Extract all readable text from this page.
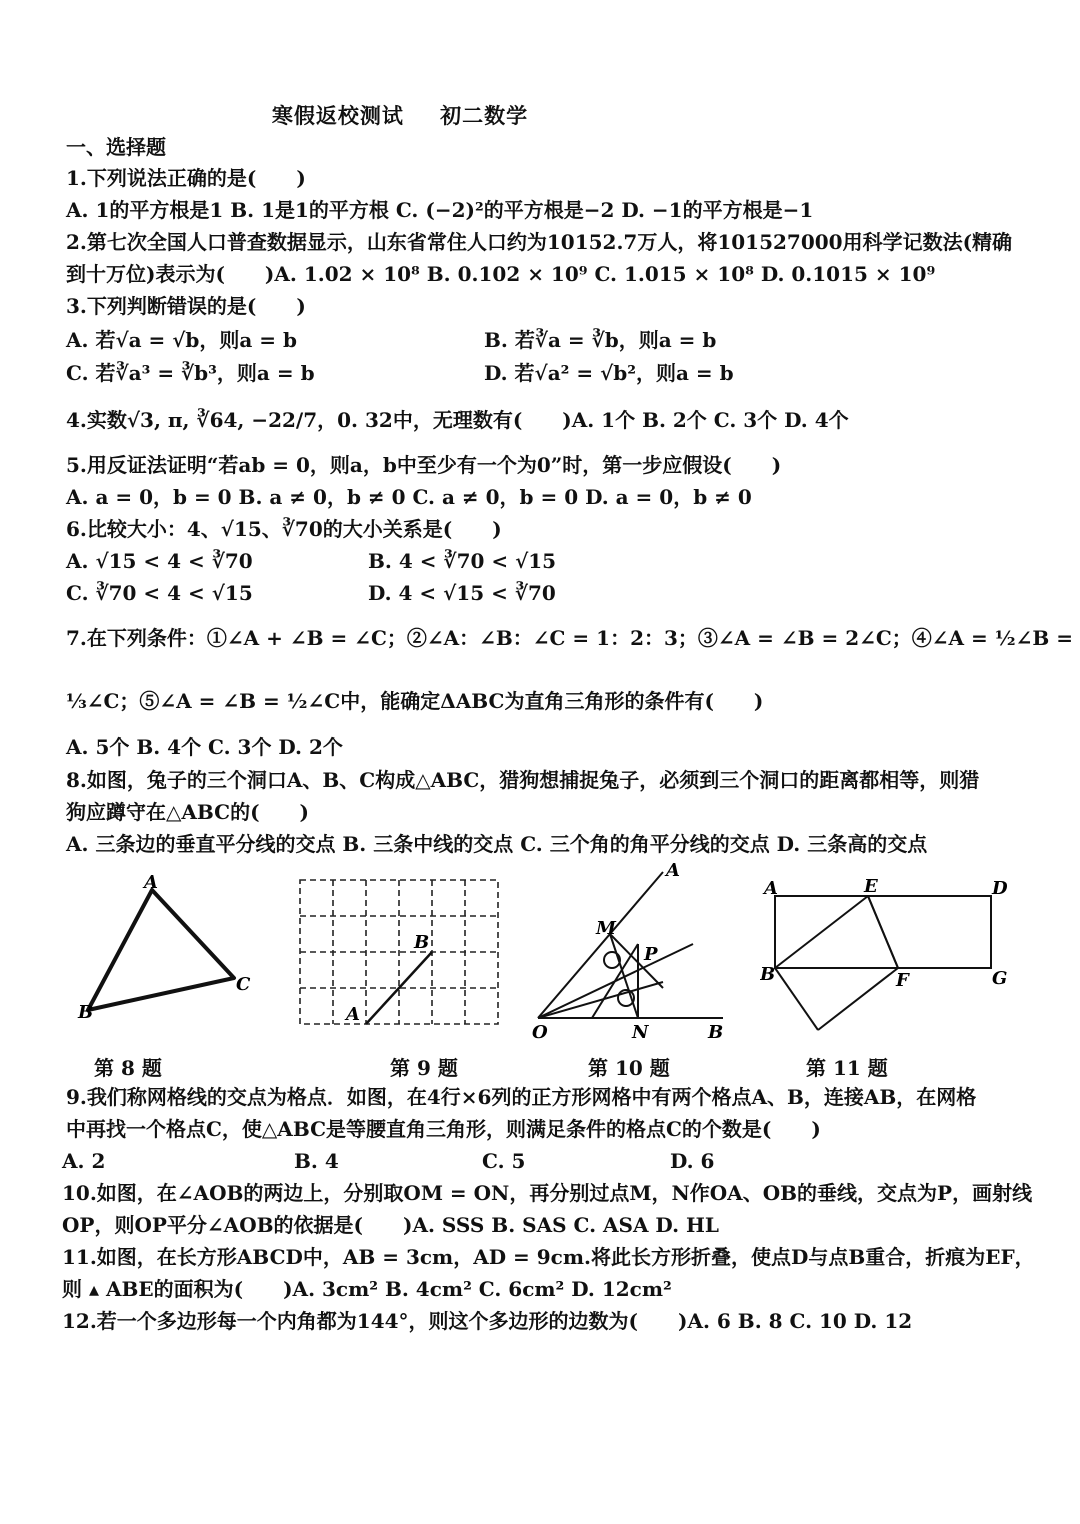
寒假返校测试 初二数学
一、选择题
1.下列说法正确的是(　　)
A. 1的平方根是1 B. 1是1的平方根 C. (−2)²的平方根是−2 D. −1的平方根是−1
2.第七次全国人口普查数据显示，山东省常住人口约为10152.7万人，将101527000用科学记数法(精确
到十万位)表示为(　　)A. 1.02 × 10⁸ B. 0.102 × 10⁹ C. 1.015 × 10⁸ D. 0.1015 × 10⁹
3.下列判断错误的是(　　)
A. 若√a = √b，则a = b	B. 若∛a = ∛b，则a = b
C. 若∛a³ = ∛b³，则a = b	D. 若√a² = √b²，则a = b
4.实数√3, π, ∛64, −22/7，0. 32中，无理数有(　　)A. 1个 B. 2个 C. 3个 D. 4个
5.用反证法证明“若ab = 0，则a，b中至少有一个为0”时，第一步应假设(　　)
A. a = 0，b = 0 B. a ≠ 0，b ≠ 0 C. a ≠ 0，b = 0 D. a = 0，b ≠ 0
6.比较大小：4、√15、∛70的大小关系是(　　)
A. √15 < 4 < ∛70	B. 4 < ∛70 < √15
C. ∛70 < 4 < √15	D. 4 < √15 < ∛70
7.在下列条件：①∠A + ∠B = ∠C；②∠A：∠B：∠C = 1：2：3；③∠A = ∠B = 2∠C；④∠A = ½∠B =
⅓∠C；⑤∠A = ∠B = ½∠C中，能确定ΔABC为直角三角形的条件有(　　)
A. 5个 B. 4个 C. 3个 D. 2个
8.如图，兔子的三个洞口A、B、C构成△ABC，猎狗想捕捉兔子，必须到三个洞口的距离都相等，则猎
狗应蹲守在△ABC的(　　)
A. 三条边的垂直平分线的交点 B. 三条中线的交点 C. 三个角的角平分线的交点 D. 三条高的交点
A
C
B
第 8 题
A
B
第 9 题
A
M
P
O	N	B
第 10 题
A	E	D
B	F	G
第 11 题
9.我们称网格线的交点为格点．如图，在4行×6列的正方形网格中有两个格点A、B，连接AB，在网格
中再找一个格点C，使△ABC是等腰直角三角形，则满足条件的格点C的个数是(　　)
A. 2	B. 4	C. 5	D. 6
10.如图，在∠AOB的两边上，分别取OM = ON，再分别过点M，N作OA、OB的垂线，交点为P，画射线
OP，则OP平分∠AOB的依据是(　　)A. SSS B. SAS C. ASA D. HL
11.如图，在长方形ABCD中，AB = 3cm，AD = 9cm.将此长方形折叠，使点D与点B重合，折痕为EF，
则 ▴ ABE的面积为(　　)A. 3cm² B. 4cm² C. 6cm² D. 12cm²
12.若一个多边形每一个内角都为144°，则这个多边形的边数为(　　)A. 6 B. 8 C. 10 D. 12
